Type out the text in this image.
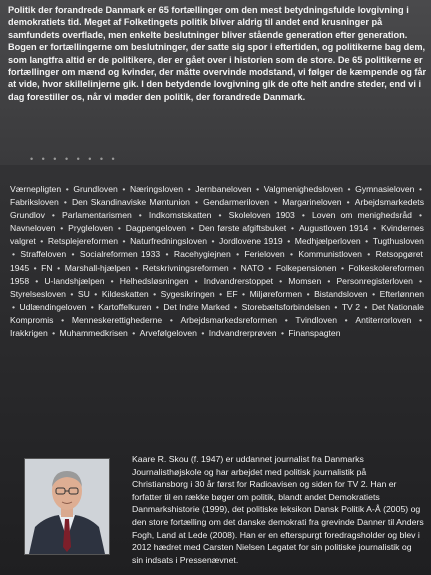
Politik der forandrede Danmark er 65 fortællinger om den mest betydningsfulde lovgivning i demokratiets tid. Meget af Folketingets politik bliver aldrig til andet end krusninger på samfundets overflade, men enkelte beslutninger bliver stående generation efter generation. Bogen er fortællingerne om beslutninger, der satte sig spor i eftertiden, og politikerne bag dem, som langtfra altid er de politikere, der er gået over i historien som de store. De 65 politikerne er fortællinger om mænd og kvinder, der måtte overvinde modstand, vi følger de kæmpende og får at vide, hvor skillelinjerne gik. I den betydende lovgivning gik de ofte helt andre steder, end vi i dag forestiller os, når vi møder den politik, der forandrede Danmark.

• • • • • • • •

Værnepligten • Grundloven • Næringsloven • Jernbaneloven • Valgmenighedsloven • Gymnasieloven • Fabriksloven • Den Skandinaviske Møntunion • Gendarmeriloven • Margarineloven • Arbejdsmarkedets Grundlov • Parlamentarismen • Indkomstskatten • Skoleloven 1903 • Loven om menighedsråd • Navneloven • Prygleloven • Dagpengeloven • Den første afgiftsbuket • Augustloven 1914 • Kvindernes valgret • Retsplejereformen • Naturfredningsloven • Jordlovene 1919 • Medhjælperloven • Tugthusloven • Straffeloven • Socialreformen 1933 • Racehygiejnen • Ferieloven • Kommunistloven • Retsopgøret 1945 • FN • Marshall-hjælpen • Retskrivningsreformen • NATO • Folkepensionen • Folkeskolereformen 1958 • U-landshjælpen • Helhedsløsningen • Indvandrerstoppet • Momsen • Personregisterloven • Styrelsesloven • SU • Kildeskatten • Sygesikringen • EF • Miljøreformen • Bistandsloven • Efterlønnen • Udlændingeloven • Kartoffelkuren • Det Indre Marked • Storebæltsforbindelsen • TV 2 • Det Nationale Kompromis • Menneskerettighederne • Arbejdsmarkedsreformen • Tvindloven • Antiterrorloven • Irakkrigen • Muhammedkrisen • Arvefølgeloven • Indvandrerprøven • Finanspagten

Kaare R. Skou (f. 1947) er uddannet journalist fra Danmarks Journalisthøjskole og har arbejdet med politisk journalistik på Christiansborg i 30 år først for Radioavisen og siden for TV 2. Han er forfatter til en række bøger om politik, blandt andet Demokratiets Danmarkshistorie (1999), det politiske leksikon Dansk Politik A-Å (2005) og den store fortælling om det danske demokrati fra grevinde Danner til Anders Fogh, Land at Lede (2008). Han er en efterspurgt foredragsholder og blev i 2012 hædret med Carsten Nielsen Legatet for sin politiske journalistik og sin indsats i Pressenævnet.
